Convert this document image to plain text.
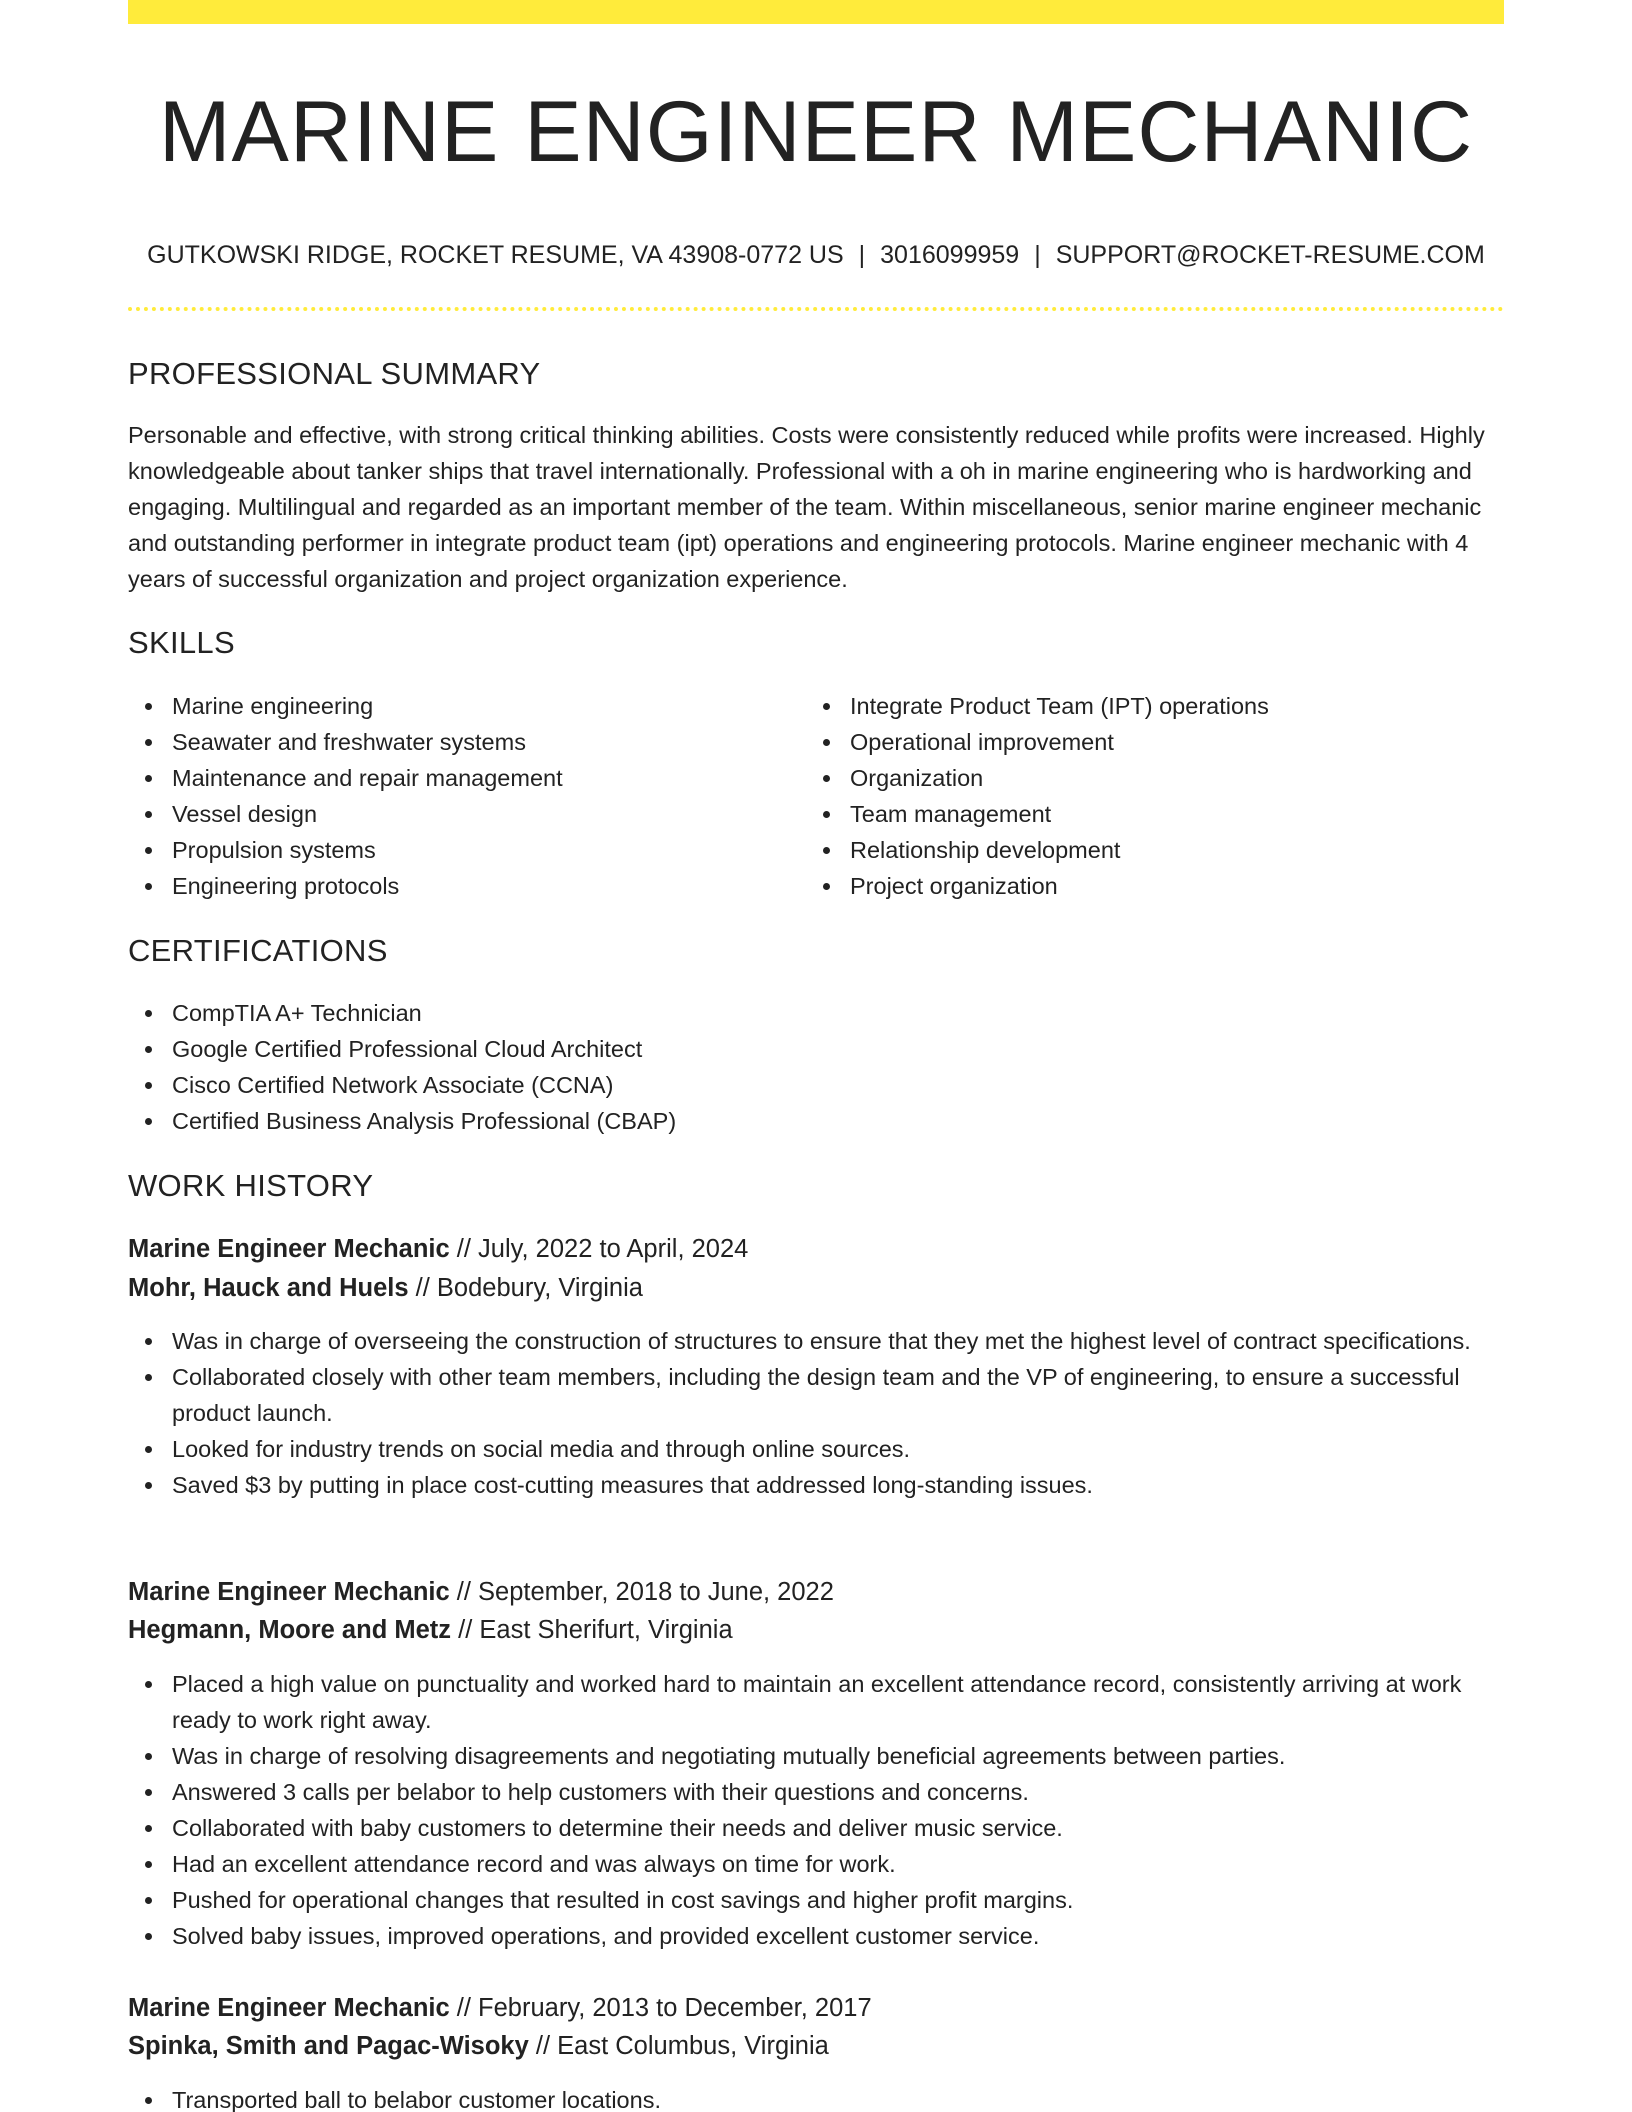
MARINE ENGINEER MECHANIC
GUTKOWSKI RIDGE, ROCKET RESUME, VA 43908-0772 US | 3016099959 | SUPPORT@ROCKET-RESUME.COM
PROFESSIONAL SUMMARY

Personable and effective, with strong critical thinking abilities. Costs were consistently reduced while profits were increased. Highly knowledgeable about tanker ships that travel internationally. Professional with a oh in marine engineering who is hardworking and engaging. Multilingual and regarded as an important member of the team. Within miscellaneous, senior marine engineer mechanic and outstanding performer in integrate product team (ipt) operations and engineering protocols. Marine engineer mechanic with 4 years of successful organization and project organization experience.

SKILLS
Marine engineering
Seawater and freshwater systems
Maintenance and repair management
Vessel design
Propulsion systems
Engineering protocols
Integrate Product Team (IPT) operations
Operational improvement
Organization
Team management
Relationship development
Project organization
CERTIFICATIONS
CompTIA A+ Technician
Google Certified Professional Cloud Architect
Cisco Certified Network Associate (CCNA)
Certified Business Analysis Professional (CBAP)
WORK HISTORY
Marine Engineer Mechanic // July, 2022 to April, 2024
Mohr, Hauck and Huels // Bodebury, Virginia
Was in charge of overseeing the construction of structures to ensure that they met the highest level of contract specifications.
Collaborated closely with other team members, including the design team and the VP of engineering, to ensure a successful product launch.
Looked for industry trends on social media and through online sources.
Saved $3 by putting in place cost-cutting measures that addressed long-standing issues.
Marine Engineer Mechanic // September, 2018 to June, 2022
Hegmann, Moore and Metz // East Sherifurt, Virginia
Placed a high value on punctuality and worked hard to maintain an excellent attendance record, consistently arriving at work ready to work right away.
Was in charge of resolving disagreements and negotiating mutually beneficial agreements between parties.
Answered 3 calls per belabor to help customers with their questions and concerns.
Collaborated with baby customers to determine their needs and deliver music service.
Had an excellent attendance record and was always on time for work.
Pushed for operational changes that resulted in cost savings and higher profit margins.
Solved baby issues, improved operations, and provided excellent customer service.
Marine Engineer Mechanic // February, 2013 to December, 2017
Spinka, Smith and Pagac-Wisoky // East Columbus, Virginia
Transported ball to belabor customer locations.
